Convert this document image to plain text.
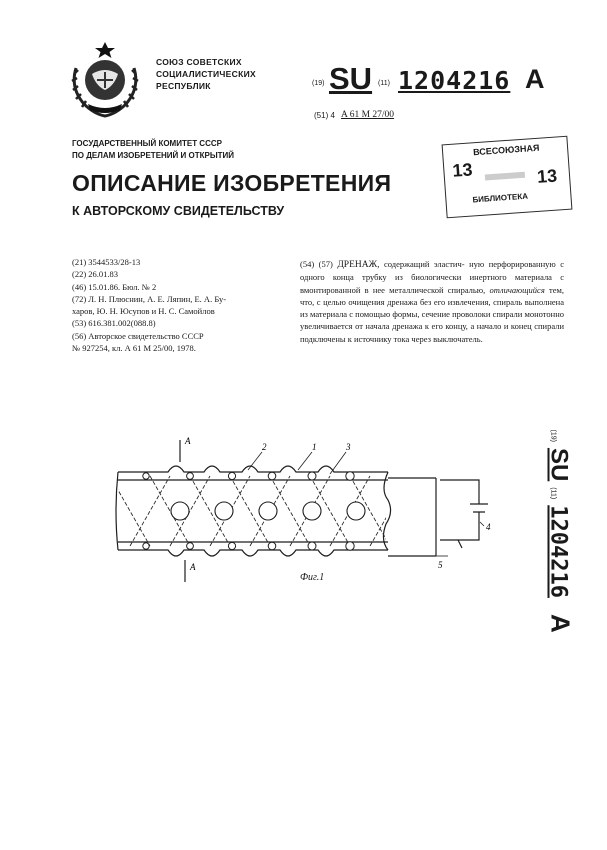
СОЮЗ СОВЕТСКИХ
СОЦИАЛИСТИЧЕСКИХ
РЕСПУБЛИК	(19) SU (11) 1204216 A
(51) 4 A 61 M 27/00
ГОСУДАРСТВЕННЫЙ КОМИТЕТ СССР
ПО ДЕЛАМ ИЗОБРЕТЕНИЙ И ОТКРЫТИЙ
ОПИСАНИЕ ИЗОБРЕТЕНИЯ
К АВТОРСКОМУ СВИДЕТЕЛЬСТВУ
ВСЕСОЮЗНАЯ
13	13
БИБЛИОТЕКА
(21) 3544533/28-13
(22) 26.01.83
(46) 15.01.86. Бюл. № 2
(72) Л. Н. Плюснин, А. Е. Ляпин, Е. А. Бу-
харов, Ю. Н. Юсупов и Н. С. Самойлов
(53) 616.381.002(088.8)
(56) Авторское свидетельство СССР
№ 927254, кл. А 61 М 25/00, 1978.
(54) (57) ДРЕНАЖ, содержащий эластич- ную перфорированную с одного конца трубку из биологически инертного материала с вмонтированной в нее металлической спиралью, отличающийся тем, что, с целью очищения дренажа без его извлечения, спираль выполнена из материала с помощью формы, сечение проволоки спирали монотонно увеличивается от начала дренажа к его концу, а начало и конец спирали подключены к источнику тока через выключатель.
A
A
2	1	3
4
5
Фиг.1
(19)
SU
(11)
1204216
A
